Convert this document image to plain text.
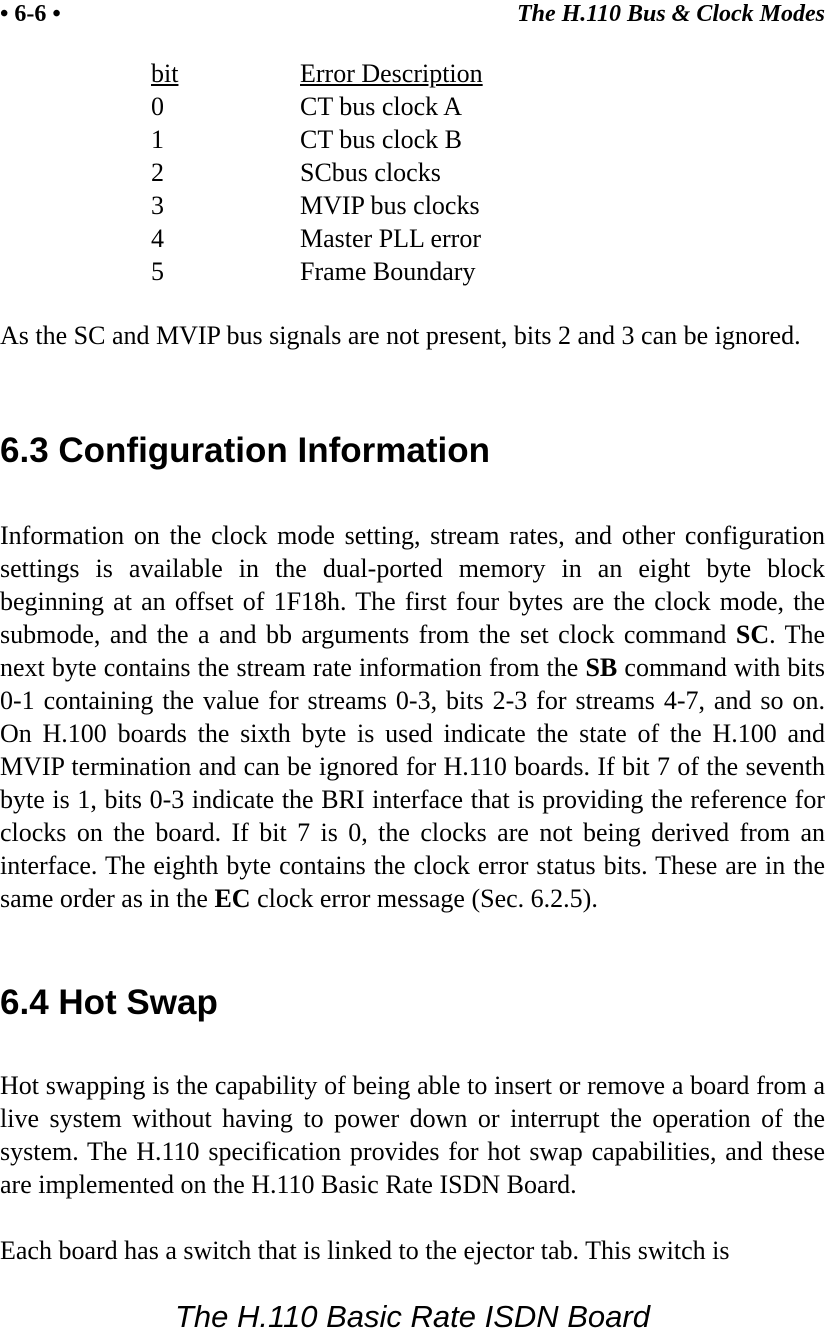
• 6-6 •	The H.110 Bus & Clock Modes
bit	Error Description
0	CT bus clock A
1	CT bus clock B
2	SCbus clocks
3	MVIP bus clocks
4	Master PLL error
5	Frame Boundary

As the SC and MVIP bus signals are not present, bits 2 and 3 can be ignored.

6.3 Configuration Information

Information on the clock mode setting, stream rates, and other configuration settings is available in the dual-ported memory in an eight byte block beginning at an offset of 1F18h. The first four bytes are the clock mode, the submode, and the a and bb arguments from the set clock command SC. The next byte contains the stream rate information from the SB command with bits 0-1 containing the value for streams 0-3, bits 2-3 for streams 4-7, and so on. On H.100 boards the sixth byte is used indicate the state of the H.100 and MVIP termination and can be ignored for H.110 boards. If bit 7 of the seventh byte is 1, bits 0-3 indicate the BRI interface that is providing the reference for clocks on the board. If bit 7 is 0, the clocks are not being derived from an interface. The eighth byte contains the clock error status bits. These are in the same order as in the EC clock error message (Sec. 6.2.5).

6.4 Hot Swap

Hot swapping is the capability of being able to insert or remove a board from a live system without having to power down or interrupt the operation of the system. The H.110 specification provides for hot swap capabilities, and these are implemented on the H.110 Basic Rate ISDN Board.

Each board has a switch that is linked to the ejector tab. This switch is

The H.110 Basic Rate ISDN Board
